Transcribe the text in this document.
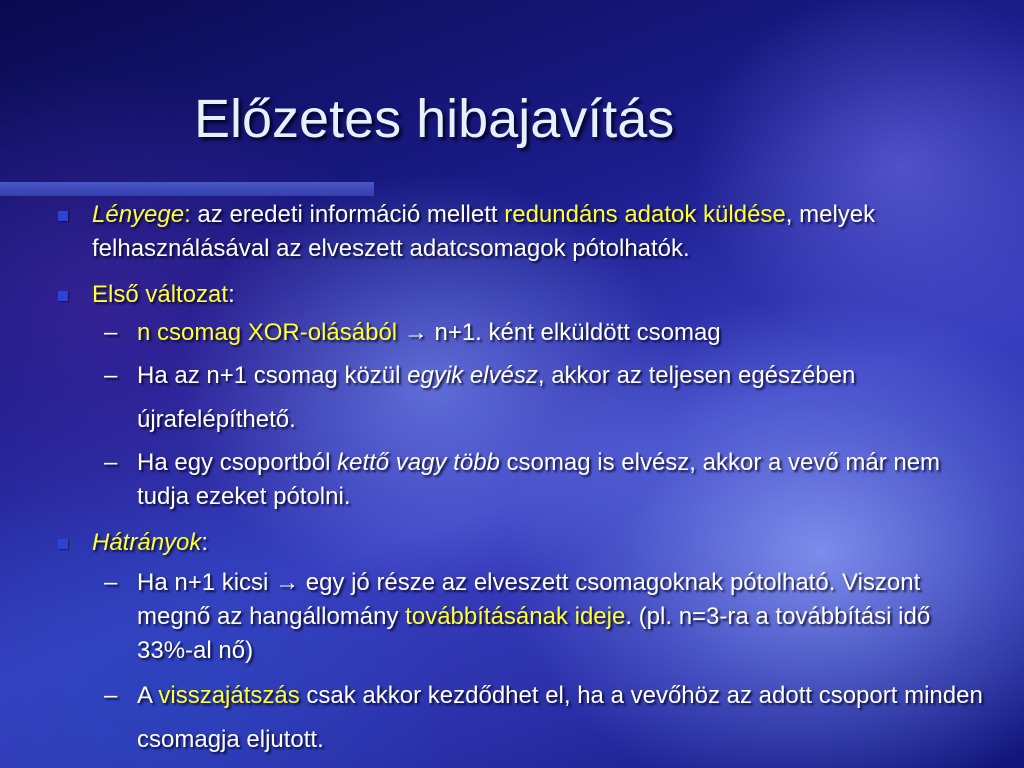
Előzetes hibajavítás
Lényege: az eredeti információ mellett redundáns adatok küldése, melyek felhasználásával az elveszett adatcsomagok pótolhatók.
Első változat:
– n csomag XOR-olásából → n+1. ként elküldött csomag
– Ha az n+1 csomag közül egyik elvész, akkor az teljesen egészében újrafelépíthető.
– Ha egy csoportból kettő vagy több csomag is elvész, akkor a vevő már nem tudja ezeket pótolni.
Hátrányok:
– Ha n+1 kicsi → egy jó része az elveszett csomagoknak pótolható. Viszont megnő az hangállomány továbbításának ideje. (pl. n=3-ra a továbbítási idő 33%-al nő)
– A visszajátszás csak akkor kezdődhet el, ha a vevőhöz az adott csoport minden csomagja eljutott.
